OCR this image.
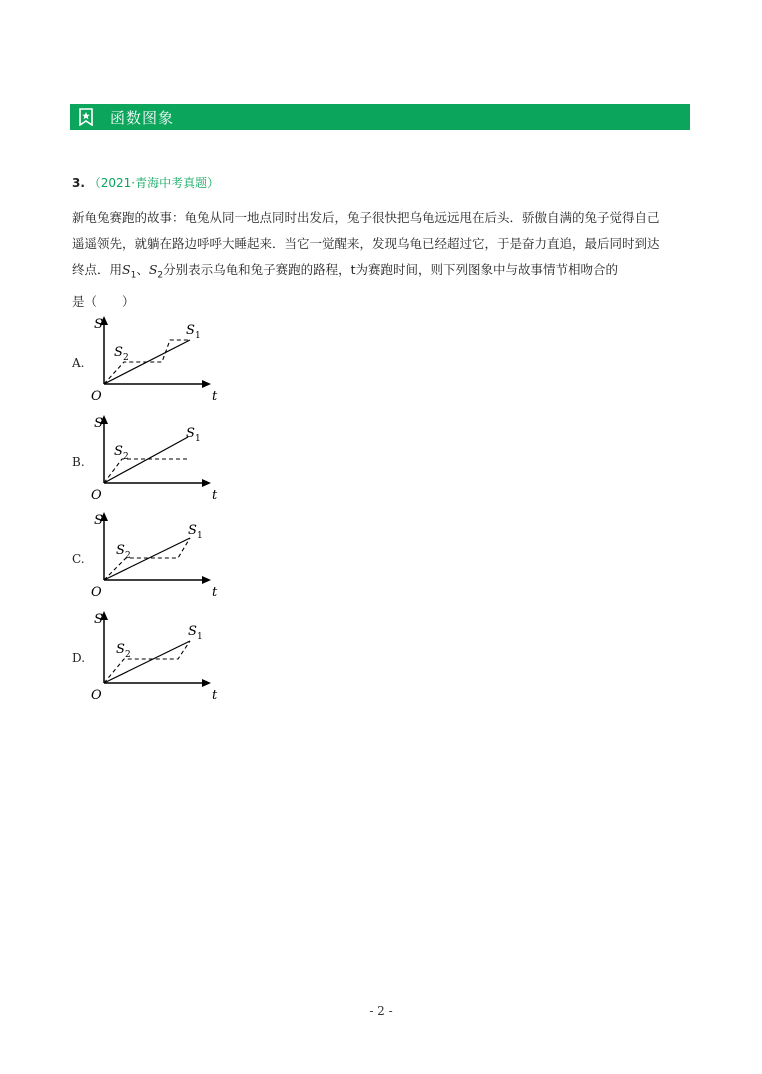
函数图象
3. （2021·青海中考真题）

新龟兔赛跑的故事：龟兔从同一地点同时出发后，兔子很快把乌龟远远甩在后头．骄傲自满的兔子觉得自己

遥遥领先，就躺在路边呼呼大睡起来．当它一觉醒来，发现乌龟已经超过它，于是奋力直追，最后同时到达

终点．用$S_1$、$S_2$分别表示乌龟和兔子赛跑的路程，t为赛跑时间，则下列图象中与故事情节相吻合的

是（　　）

A.
S
t
O
S 1
S 2
B.
S
t
O
S 1
S 2
C.
S
t
O
S 1
S 2
D.
S
t
O
S 1
S 2
- 2 -
